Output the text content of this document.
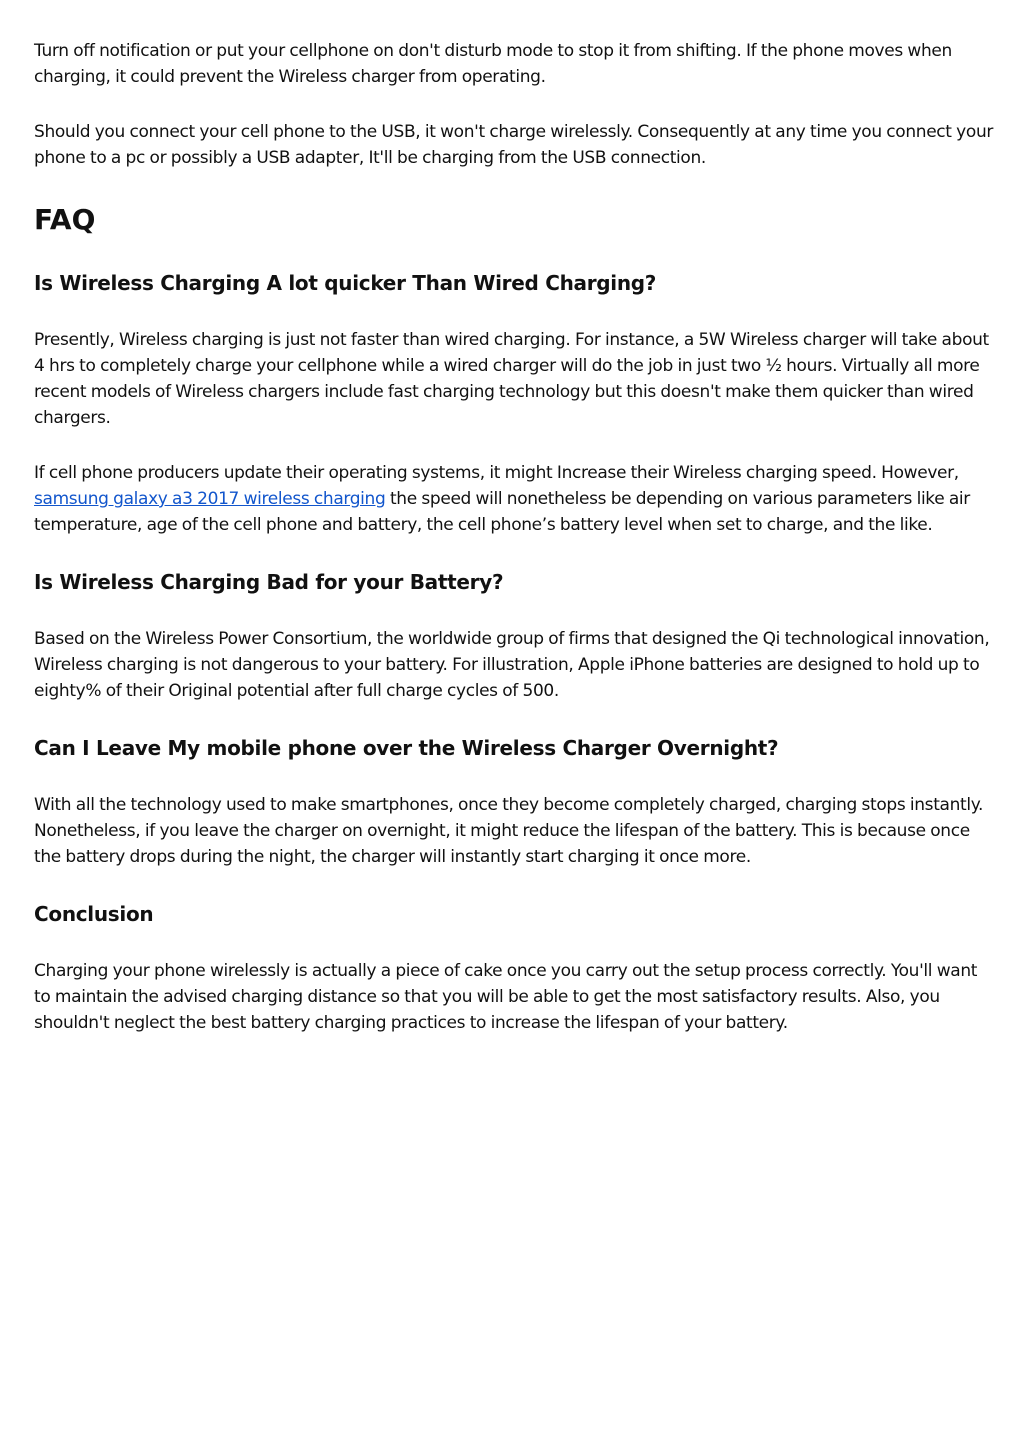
Turn off notification or put your cellphone on don't disturb mode to stop it from shifting. If the phone moves when charging, it could prevent the Wireless charger from operating.

Should you connect your cell phone to the USB, it won't charge wirelessly. Consequently at any time you connect your phone to a pc or possibly a USB adapter, It'll be charging from the USB connection.

FAQ
Is Wireless Charging A lot quicker Than Wired Charging?

Presently, Wireless charging is just not faster than wired charging. For instance, a 5W Wireless charger will take about 4 hrs to completely charge your cellphone while a wired charger will do the job in just two ½ hours. Virtually all more recent models of Wireless chargers include fast charging technology but this doesn't make them quicker than wired chargers.

If cell phone producers update their operating systems, it might Increase their Wireless charging speed. However, samsung galaxy a3 2017 wireless charging the speed will nonetheless be depending on various parameters like air temperature, age of the cell phone and battery, the cell phone’s battery level when set to charge, and the like.

Is Wireless Charging Bad for your Battery?

Based on the Wireless Power Consortium, the worldwide group of firms that designed the Qi technological innovation, Wireless charging is not dangerous to your battery. For illustration, Apple iPhone batteries are designed to hold up to eighty% of their Original potential after full charge cycles of 500.

Can I Leave My mobile phone over the Wireless Charger Overnight?

With all the technology used to make smartphones, once they become completely charged, charging stops instantly. Nonetheless, if you leave the charger on overnight, it might reduce the lifespan of the battery. This is because once the battery drops during the night, the charger will instantly start charging it once more.

Conclusion

Charging your phone wirelessly is actually a piece of cake once you carry out the setup process correctly. You'll want to maintain the advised charging distance so that you will be able to get the most satisfactory results. Also, you shouldn't neglect the best battery charging practices to increase the lifespan of your battery.
